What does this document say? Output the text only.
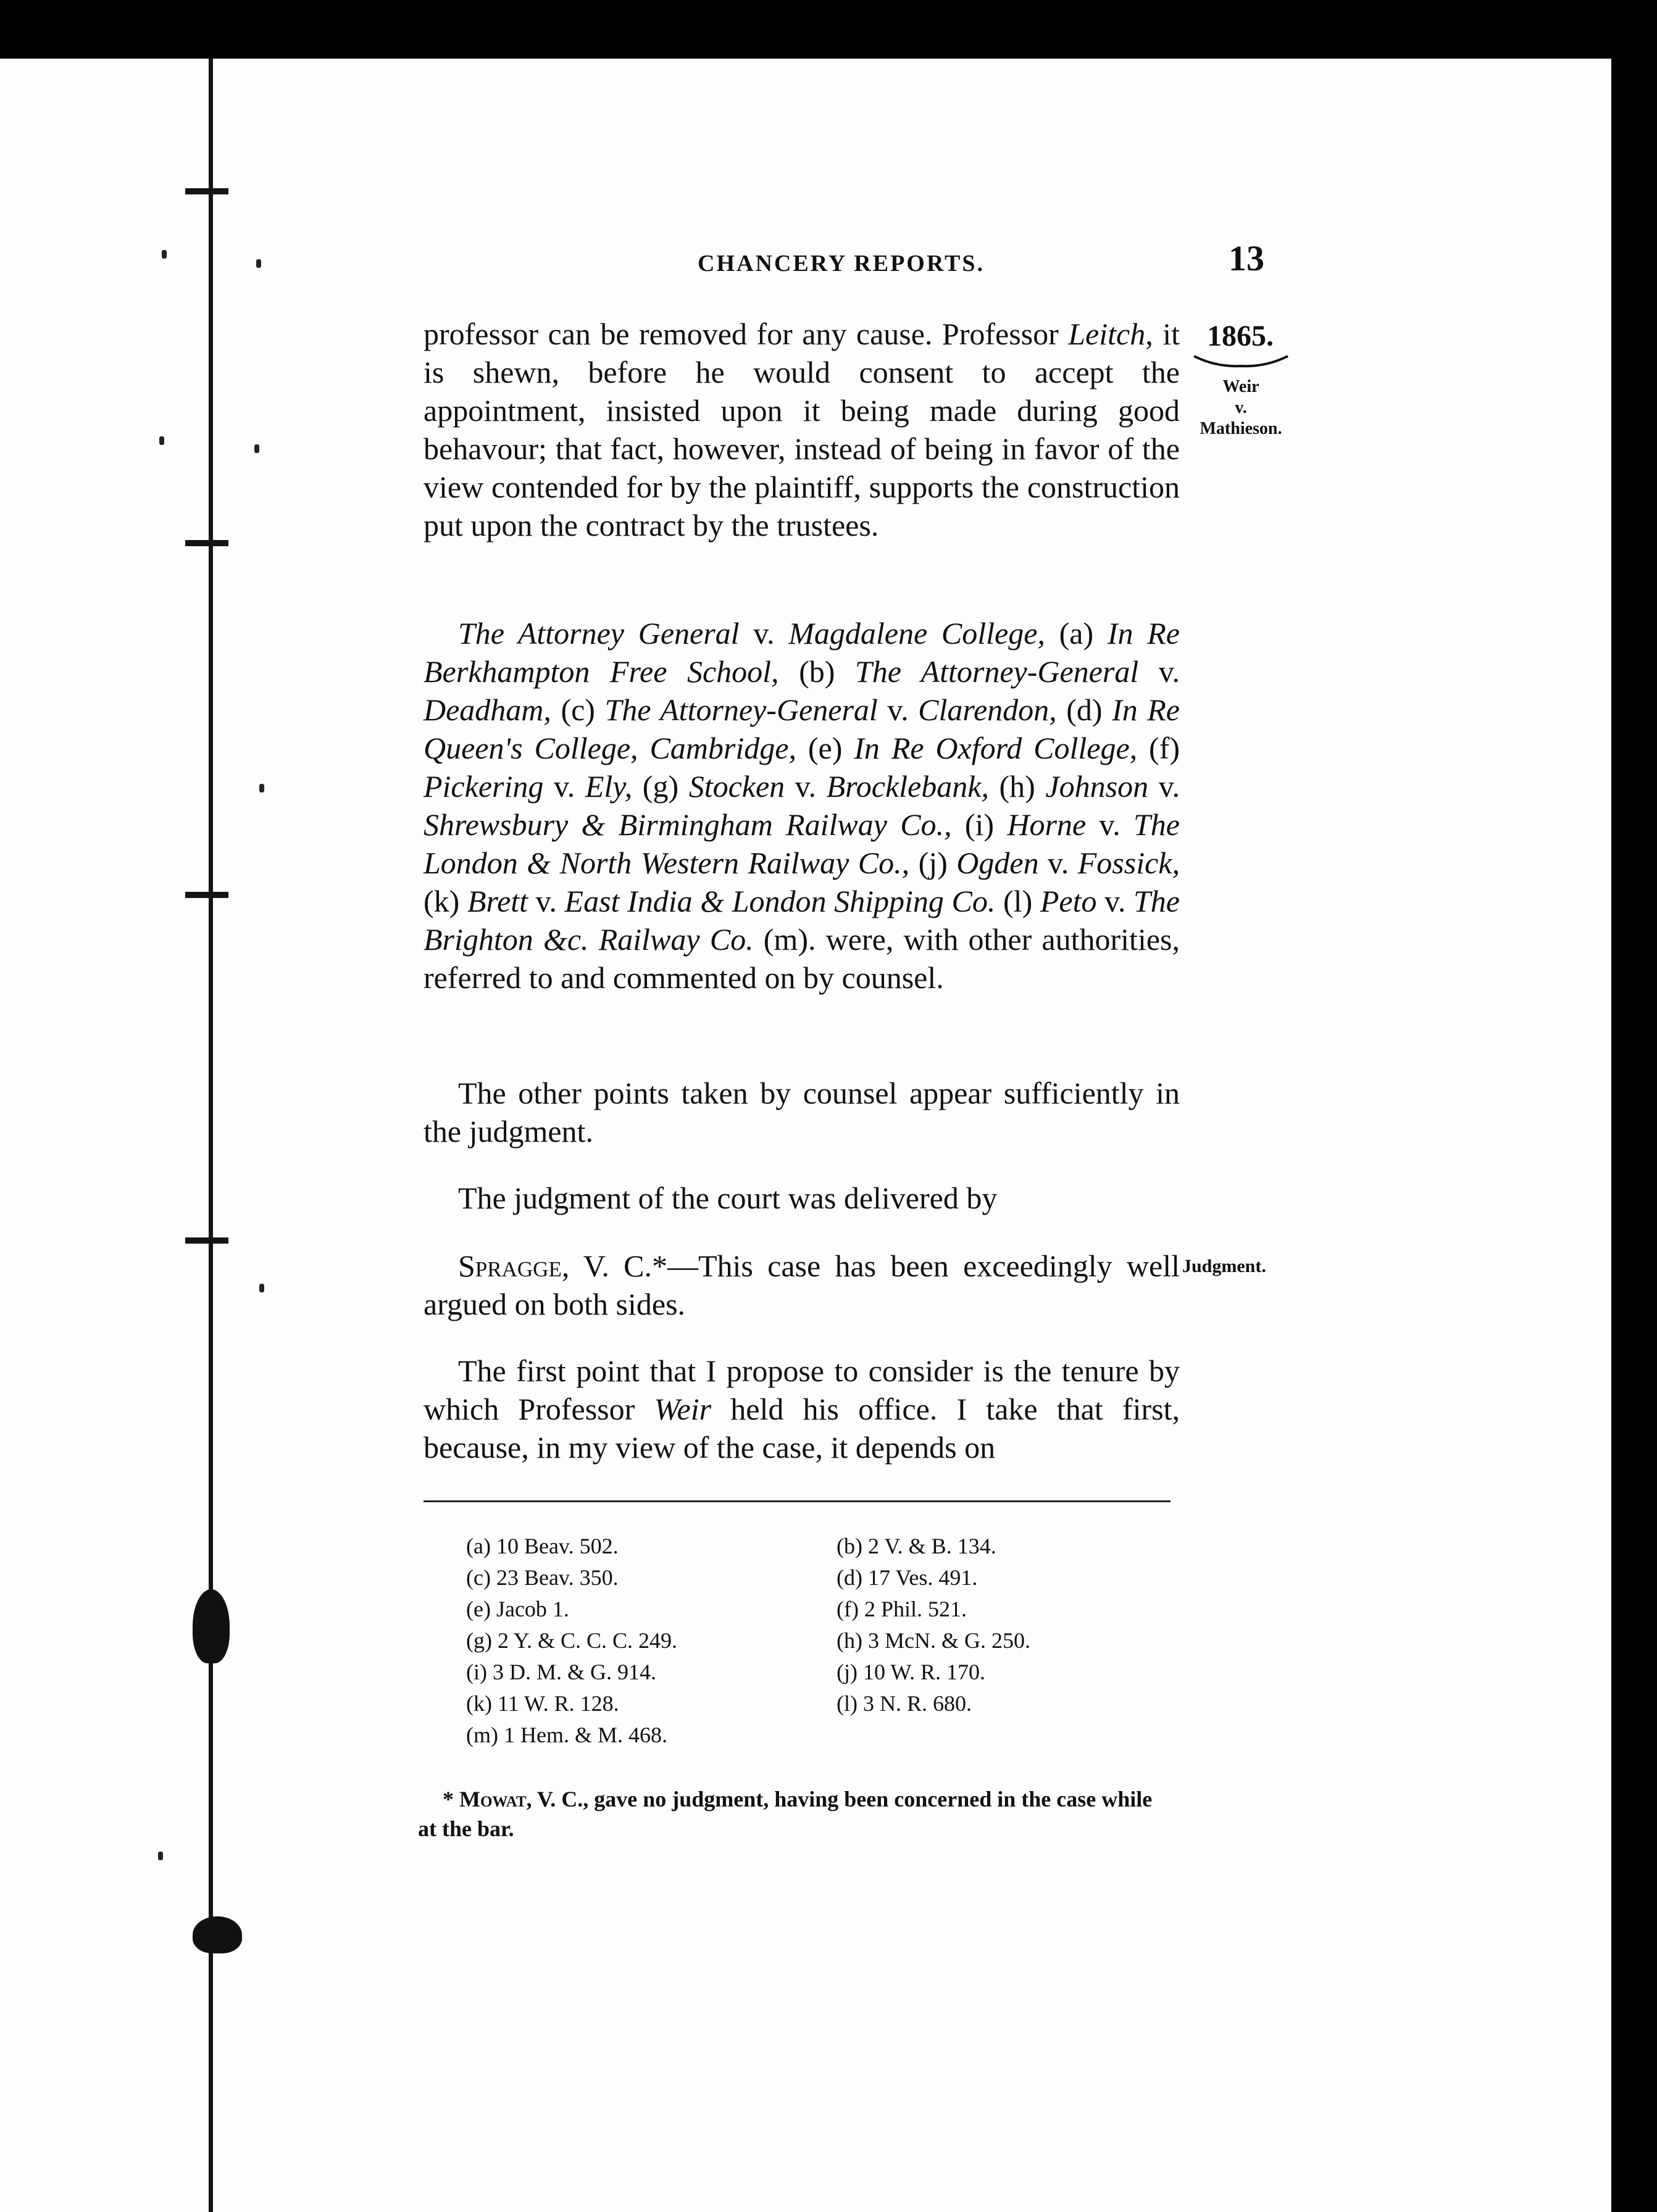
CHANCERY REPORTS.	13
1865.
Weir
v.
Mathieson.
Judgment.

professor can be removed for any cause. Professor Leitch, it is shewn, before he would consent to accept the appointment, insisted upon it being made during good behavour; that fact, however, instead of being in favor of the view contended for by the plaintiff, supports the construction put upon the contract by the trustees.

The Attorney General v. Magdalene College, (a) In Re Berkhampton Free School, (b) The Attorney-General v. Deadham, (c) The Attorney-General v. Clarendon, (d) In Re Queen's College, Cambridge, (e) In Re Oxford College, (f) Pickering v. Ely, (g) Stocken v. Brocklebank, (h) Johnson v. Shrewsbury & Birmingham Railway Co., (i) Horne v. The London & North Western Railway Co., (j) Ogden v. Fossick, (k) Brett v. East India & London Shipping Co. (l) Peto v. The Brighton &c. Railway Co. (m). were, with other authorities, referred to and commented on by counsel.

The other points taken by counsel appear sufficiently in the judgment.

The judgment of the court was delivered by

Spragge, V. C.*—This case has been exceedingly well argued on both sides.

The first point that I propose to consider is the tenure by which Professor Weir held his office. I take that first, because, in my view of the case, it depends on

(a) 10 Beav. 502.	(b) 2 V. & B. 134.
(c) 23 Beav. 350.	(d) 17 Ves. 491.
(e) Jacob 1.	(f) 2 Phil. 521.
(g) 2 Y. & C. C. C. 249.	(h) 3 McN. & G. 250.
(i) 3 D. M. & G. 914.	(j) 10 W. R. 170.
(k) 11 W. R. 128.	(l) 3 N. R. 680.
(m) 1 Hem. & M. 468.

* Mowat, V. C., gave no judgment, having been concerned in the case while at the bar.
